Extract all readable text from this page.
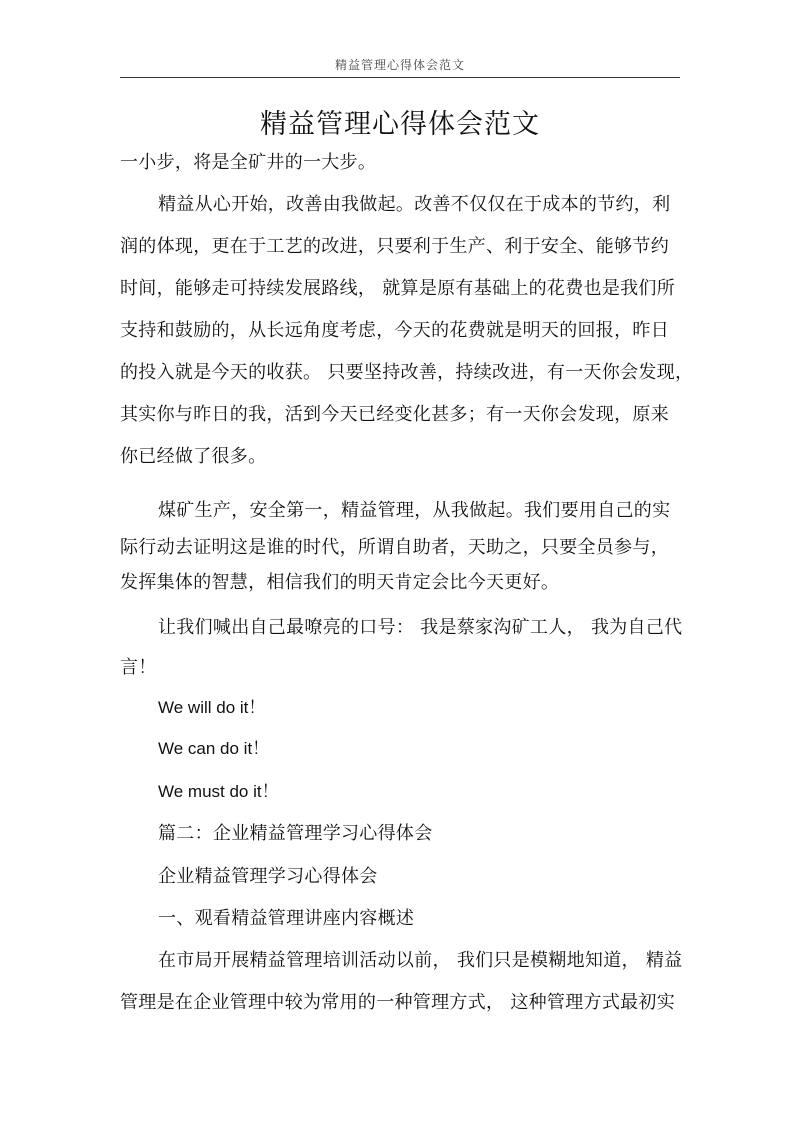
精益管理心得体会范文
精益管理心得体会范文
一小步，将是全矿井的一大步。
精益从心开始，改善由我做起。改善不仅仅在于成本的节约，利
润的体现，更在于工艺的改进，只要利于生产、利于安全、能够节约
时间，能够走可持续发展路线， 就算是原有基础上的花费也是我们所
支持和鼓励的，从长远角度考虑，今天的花费就是明天的回报，昨日
的投入就是今天的收获。 只要坚持改善，持续改进，有一天你会发现，
其实你与昨日的我，活到今天已经变化甚多；有一天你会发现，原来
你已经做了很多。
煤矿生产，安全第一，精益管理，从我做起。我们要用自己的实
际行动去证明这是谁的时代，所谓自助者，天助之，只要全员参与，
发挥集体的智慧，相信我们的明天肯定会比今天更好。
让我们喊出自己最嘹亮的口号： 我是蔡家沟矿工人， 我为自己代
言！
We will do it！
We can do it！
We must do it！
篇二：企业精益管理学习心得体会
企业精益管理学习心得体会
一、观看精益管理讲座内容概述
在市局开展精益管理培训活动以前， 我们只是模糊地知道， 精益
管理是在企业管理中较为常用的一种管理方式， 这种管理方式最初实
